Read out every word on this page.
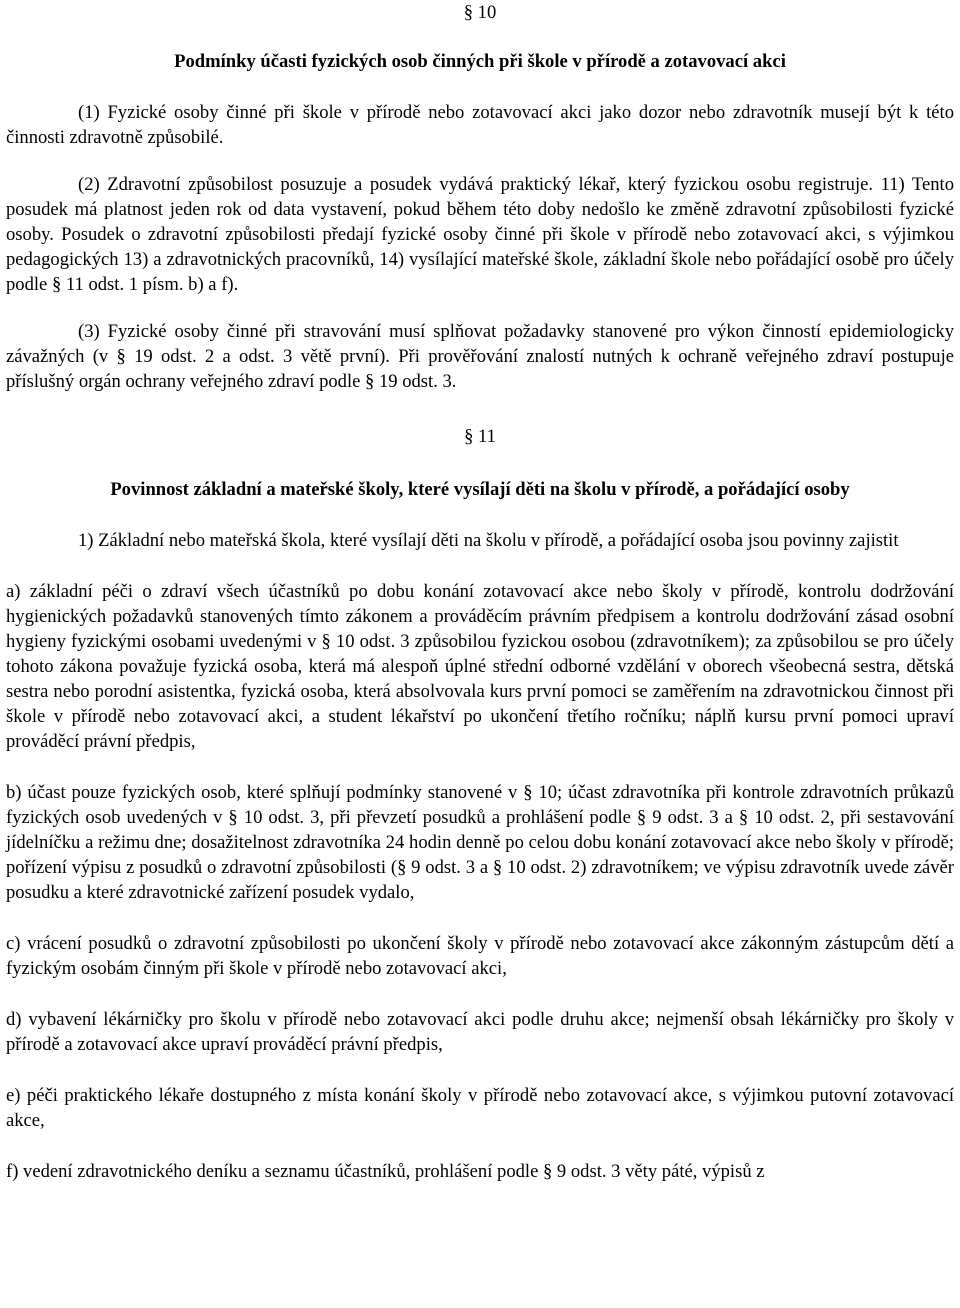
§ 10
Podmínky účasti fyzických osob činných při škole v přírodě a zotavovací akci

(1) Fyzické osoby činné při škole v přírodě nebo zotavovací akci jako dozor nebo zdravotník musejí být k této činnosti zdravotně způsobilé.

(2) Zdravotní způsobilost posuzuje a posudek vydává praktický lékař, který fyzickou osobu registruje. 11) Tento posudek má platnost jeden rok od data vystavení, pokud během této doby nedošlo ke změně zdravotní způsobilosti fyzické osoby. Posudek o zdravotní způsobilosti předají fyzické osoby činné při škole v přírodě nebo zotavovací akci, s výjimkou pedagogických 13) a zdravotnických pracovníků, 14) vysílající mateřské škole, základní škole nebo pořádající osobě pro účely podle § 11 odst. 1 písm. b) a f).

(3) Fyzické osoby činné při stravování musí splňovat požadavky stanovené pro výkon činností epidemiologicky závažných (v § 19 odst. 2 a odst. 3 větě první). Při prověřování znalostí nutných k ochraně veřejného zdraví postupuje příslušný orgán ochrany veřejného zdraví podle § 19 odst. 3.

§ 11
Povinnost základní a mateřské školy, které vysílají děti na školu v přírodě, a pořádající osoby

1) Základní nebo mateřská škola, které vysílají děti na školu v přírodě, a pořádající osoba jsou povinny zajistit

a) základní péči o zdraví všech účastníků po dobu konání zotavovací akce nebo školy v přírodě, kontrolu dodržování hygienických požadavků stanovených tímto zákonem a prováděcím právním předpisem a kontrolu dodržování zásad osobní hygieny fyzickými osobami uvedenými v § 10 odst. 3 způsobilou fyzickou osobou (zdravotníkem); za způsobilou se pro účely tohoto zákona považuje fyzická osoba, která má alespoň úplné střední odborné vzdělání v oborech všeobecná sestra, dětská sestra nebo porodní asistentka, fyzická osoba, která absolvovala kurs první pomoci se zaměřením na zdravotnickou činnost při škole v přírodě nebo zotavovací akci, a student lékařství po ukončení třetího ročníku; náplň kursu první pomoci upraví prováděcí právní předpis,

b) účast pouze fyzických osob, které splňují podmínky stanovené v § 10; účast zdravotníka při kontrole zdravotních průkazů fyzických osob uvedených v § 10 odst. 3, při převzetí posudků a prohlášení podle § 9 odst. 3 a § 10 odst. 2, při sestavování jídelníčku a režimu dne; dosažitelnost zdravotníka 24 hodin denně po celou dobu konání zotavovací akce nebo školy v přírodě; pořízení výpisu z posudků o zdravotní způsobilosti (§ 9 odst. 3 a § 10 odst. 2) zdravotníkem; ve výpisu zdravotník uvede závěr posudku a které zdravotnické zařízení posudek vydalo,

c) vrácení posudků o zdravotní způsobilosti po ukončení školy v přírodě nebo zotavovací akce zákonným zástupcům dětí a fyzickým osobám činným při škole v přírodě nebo zotavovací akci,

d) vybavení lékárničky pro školu v přírodě nebo zotavovací akci podle druhu akce; nejmenší obsah lékárničky pro školy v přírodě a zotavovací akce upraví prováděcí právní předpis,

e) péči praktického lékaře dostupného z místa konání školy v přírodě nebo zotavovací akce, s výjimkou putovní zotavovací akce,

f) vedení zdravotnického deníku a seznamu účastníků, prohlášení podle § 9 odst. 3 věty páté, výpisů z
